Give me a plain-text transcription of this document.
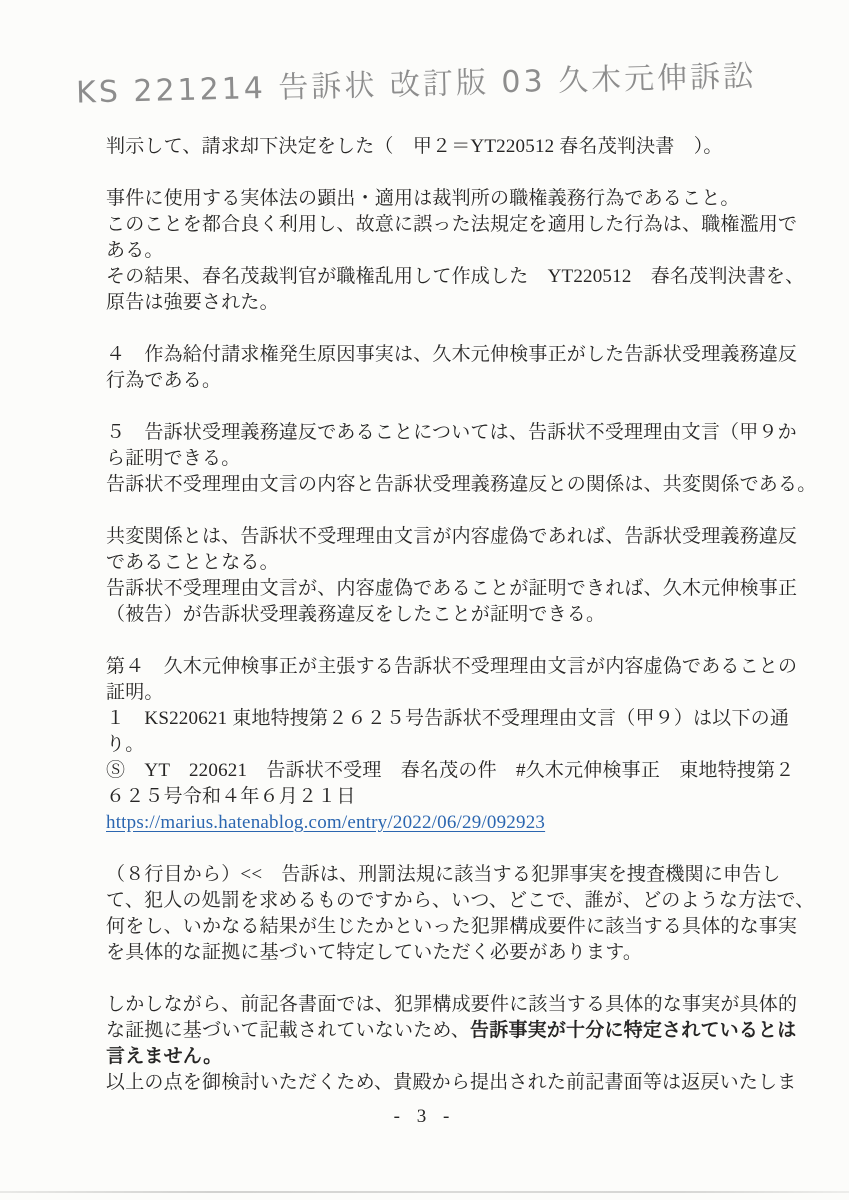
KS 221214 告訴状 改訂版 03 久木元伸訴訟
判示して、請求却下決定をした（　甲２＝YT220512 春名茂判決書　）。
事件に使用する実体法の顕出・適用は裁判所の職権義務行為であること。
このことを都合良く利用し、故意に誤った法規定を適用した行為は、職権濫用で
ある。
その結果、春名茂裁判官が職権乱用して作成した　YT220512　春名茂判決書を、
原告は強要された。
４　作為給付請求権発生原因事実は、久木元伸検事正がした告訴状受理義務違反
行為である。
５　告訴状受理義務違反であることについては、告訴状不受理理由文言（甲９か
ら証明できる。
告訴状不受理理由文言の内容と告訴状受理義務違反との関係は、共変関係である。
共変関係とは、告訴状不受理理由文言が内容虚偽であれば、告訴状受理義務違反
であることとなる。
告訴状不受理理由文言が、内容虚偽であることが証明できれば、久木元伸検事正
（被告）が告訴状受理義務違反をしたことが証明できる。
第４　久木元伸検事正が主張する告訴状不受理理由文言が内容虚偽であることの
証明。
１　KS220621 東地特捜第２６２５号告訴状不受理理由文言（甲９）は以下の通
り。
Ⓢ　YT　220621　告訴状不受理　春名茂の件　#久木元伸検事正　東地特捜第２
６２５号令和４年６月２１日
https://marius.hatenablog.com/entry/2022/06/29/092923
（８行目から）<<　告訴は、刑罰法規に該当する犯罪事実を捜査機関に申告し
て、犯人の処罰を求めるものですから、いつ、どこで、誰が、どのような方法で、
何をし、いかなる結果が生じたかといった犯罪構成要件に該当する具体的な事実
を具体的な証拠に基づいて特定していただく必要があります。
しかしながら、前記各書面では、犯罪構成要件に該当する具体的な事実が具体的
な証拠に基づいて記載されていないため、告訴事実が十分に特定されているとは
言えません。
以上の点を御検討いただくため、貴殿から提出された前記書面等は返戻いたしま
- 3 -
